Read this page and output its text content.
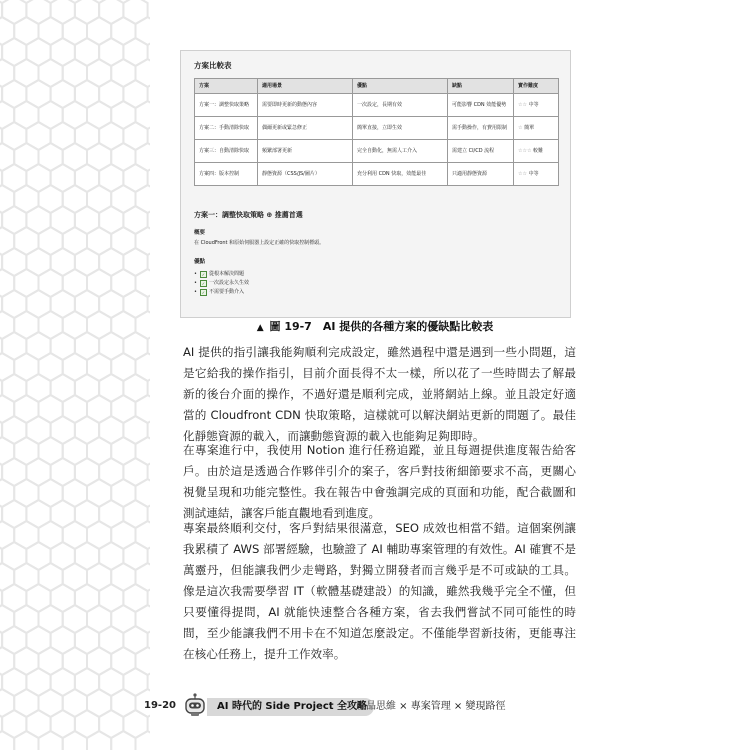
方案比較表
方案	適用場景	優點	缺點	實作難度
方案一：調整快取策略	需要即時更新的動態內容	一次設定，長期有效	可能影響 CDN 效能優勢	☆☆ 中等
方案二：手動清除快取	偶爾更新或緊急修正	簡單直接，立即生效	需手動操作，有費用限制	☆ 簡單
方案三：自動清除快取	頻繁部署更新	完全自動化，無需人工介入	需建立 CI/CD 流程	☆☆☆ 較難
方案四：版本控制	靜態資源（CSS/JS/圖片）	充分利用 CDN 快取，效能最佳	只適用靜態資源	☆☆ 中等
方案一：調整快取策略 ⊕ 推薦首選
概要
在 CloudFront 和原始伺服器上設定正確的快取控制標頭。
優點
•	✓ 從根本解決問題
•	✓ 一次設定永久生效
•	✓ 不需要手動介入
▲ 圖 19-7　AI 提供的各種方案的優缺點比較表

AI 提供的指引讓我能夠順利完成設定，雖然過程中還是遇到一些小問題，這是它給我的操作指引，目前介面長得不太一樣，所以花了一些時間去了解最新的後台介面的操作，不過好還是順利完成，並將網站上線。並且設定好適當的 Cloudfront CDN 快取策略，這樣就可以解決網站更新的問題了。最佳化靜態資源的載入，而讓動態資源的載入也能夠足夠即時。

在專案進行中，我使用 Notion 進行任務追蹤，並且每週提供進度報告給客戶。由於這是透過合作夥伴引介的案子，客戶對技術細節要求不高，更關心視覺呈現和功能完整性。我在報告中會強調完成的頁面和功能，配合截圖和測試連結，讓客戶能直觀地看到進度。

專案最終順利交付，客戶對結果很滿意，SEO 成效也相當不錯。這個案例讓我累積了 AWS 部署經驗，也驗證了 AI 輔助專案管理的有效性。AI 確實不是萬靈丹，但能讓我們少走彎路，對獨立開發者而言幾乎是不可或缺的工具。像是這次我需要學習 IT（軟體基礎建設）的知識，雖然我幾乎完全不懂，但只要懂得提問，AI 就能快速整合各種方案，省去我們嘗試不同可能性的時間，至少能讓我們不用卡在不知道怎麼設定。不僅能學習新技術，更能專注在核心任務上，提升工作效率。

19-20	AI 時代的 Side Project 全攻略
產品思維 × 專案管理 × 變現路徑
